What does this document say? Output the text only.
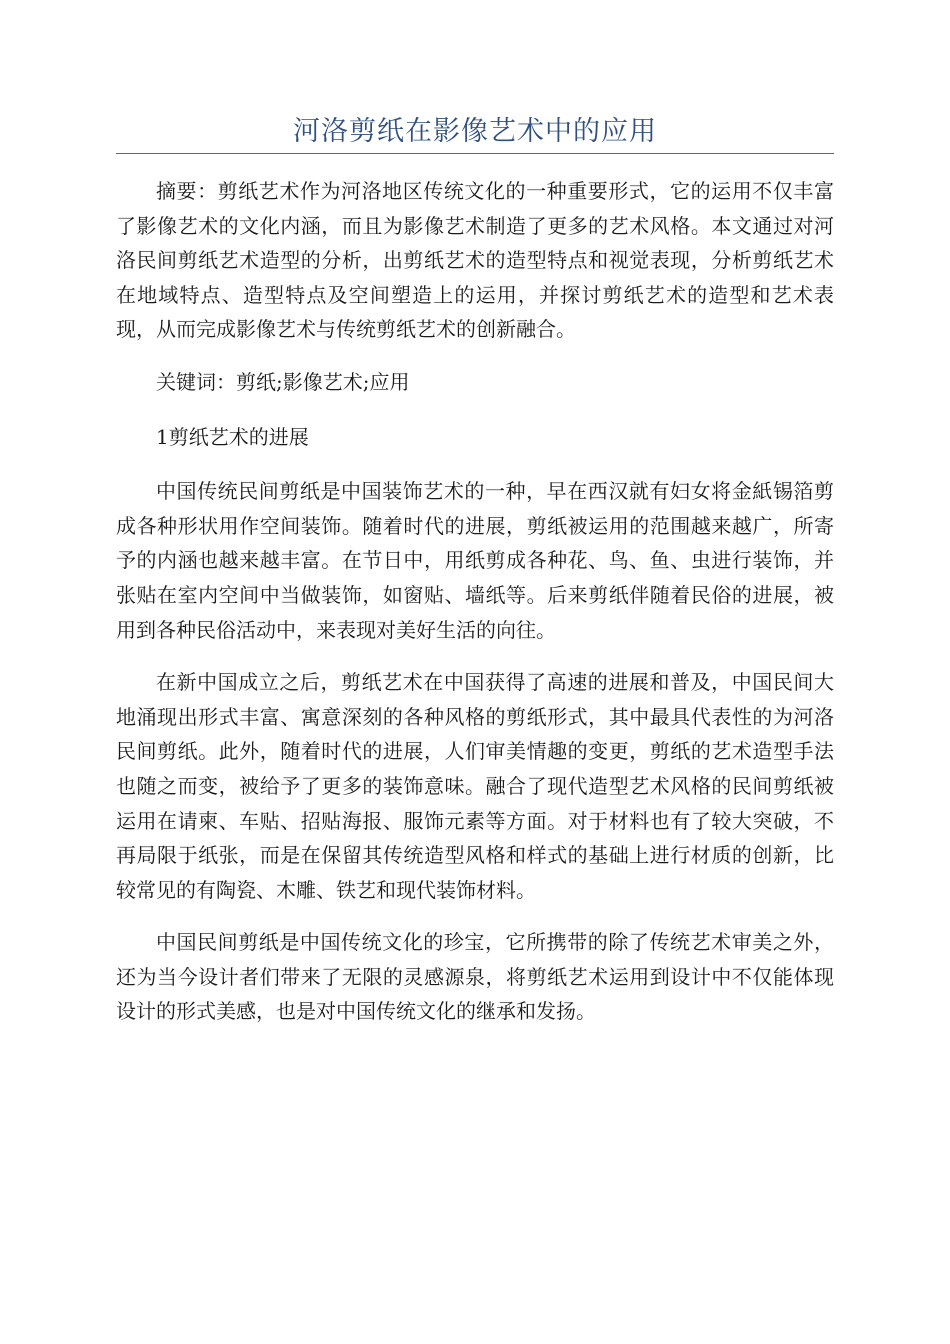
河洛剪纸在影像艺术中的应用

摘要：剪纸艺术作为河洛地区传统文化的一种重要形式，它的运用不仅丰富了影像艺术的文化内涵，而且为影像艺术制造了更多的艺术风格。本文通过对河洛民间剪纸艺术造型的分析，出剪纸艺术的造型特点和视觉表现，分析剪纸艺术在地域特点、造型特点及空间塑造上的运用，并探讨剪纸艺术的造型和艺术表现，从而完成影像艺术与传统剪纸艺术的创新融合。

关键词：剪纸;影像艺术;应用

1剪纸艺术的进展

中国传统民间剪纸是中国装饰艺术的一种，早在西汉就有妇女将金紙锡箔剪成各种形状用作空间装饰。随着时代的进展，剪纸被运用的范围越来越广，所寄予的内涵也越来越丰富。在节日中，用纸剪成各种花、鸟、鱼、虫进行装饰，并张贴在室内空间中当做装饰，如窗贴、墙纸等。后来剪纸伴随着民俗的进展，被用到各种民俗活动中，来表现对美好生活的向往。

在新中国成立之后，剪纸艺术在中国获得了高速的进展和普及，中国民间大地涌现出形式丰富、寓意深刻的各种风格的剪纸形式，其中最具代表性的为河洛民间剪纸。此外，随着时代的进展，人们审美情趣的变更，剪纸的艺术造型手法也随之而变，被给予了更多的装饰意味。融合了现代造型艺术风格的民间剪纸被运用在请柬、车贴、招贴海报、服饰元素等方面。对于材料也有了较大突破，不再局限于纸张，而是在保留其传统造型风格和样式的基础上进行材质的创新，比较常见的有陶瓷、木雕、铁艺和现代装饰材料。

中国民间剪纸是中国传统文化的珍宝，它所携带的除了传统艺术审美之外，还为当今设计者们带来了无限的灵感源泉，将剪纸艺术运用到设计中不仅能体现设计的形式美感，也是对中国传统文化的继承和发扬。
